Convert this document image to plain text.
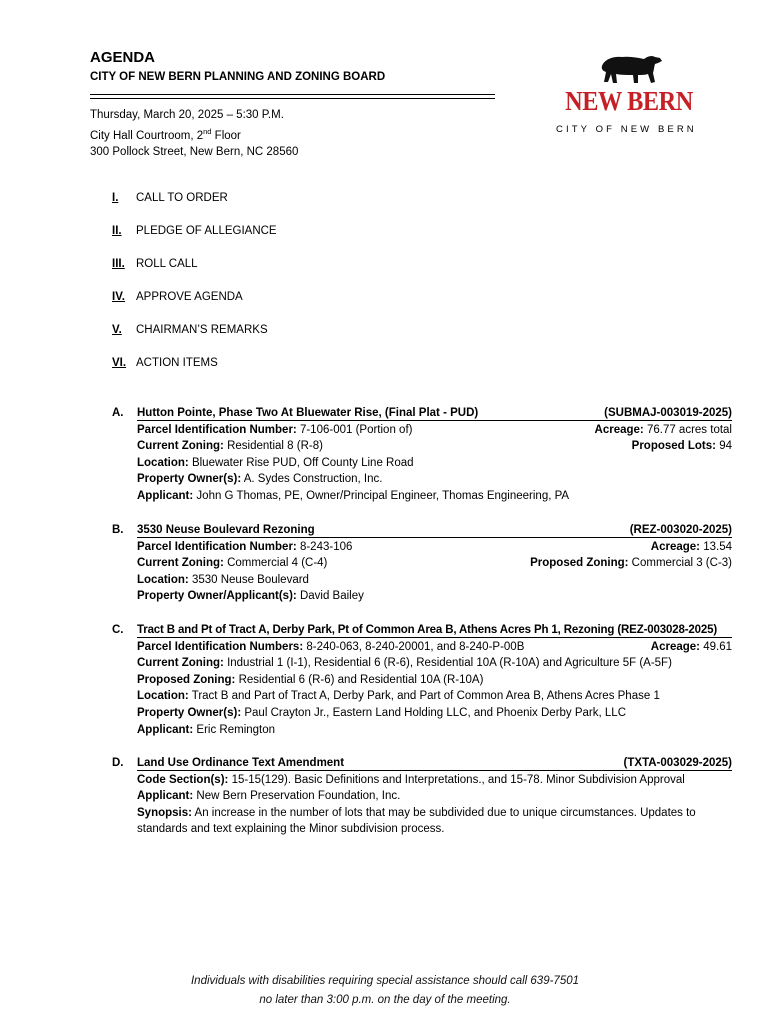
AGENDA
CITY OF NEW BERN PLANNING AND ZONING BOARD
Thursday, March 20, 2025 – 5:30 P.M.
City Hall Courtroom, 2nd Floor
300 Pollock Street, New Bern, NC 28560
NEW BERN
CITY OF NEW BERN
I. CALL TO ORDER
II. PLEDGE OF ALLEGIANCE
III. ROLL CALL
IV. APPROVE AGENDA
V. CHAIRMAN’S REMARKS
VI. ACTION ITEMS
A. Hutton Pointe, Phase Two At Bluewater Rise, (Final Plat - PUD)	(SUBMAJ-003019-2025)
Parcel Identification Number: 7-106-001 (Portion of)	Acreage: 76.77 acres total
Current Zoning: Residential 8 (R-8)	Proposed Lots: 94
Location: Bluewater Rise PUD, Off County Line Road
Property Owner(s): A. Sydes Construction, Inc.
Applicant: John G Thomas, PE, Owner/Principal Engineer, Thomas Engineering, PA
B. 3530 Neuse Boulevard Rezoning	(REZ-003020-2025)
Parcel Identification Number: 8-243-106	Acreage: 13.54
Current Zoning: Commercial 4 (C-4)	Proposed Zoning: Commercial 3 (C-3)
Location: 3530 Neuse Boulevard
Property Owner/Applicant(s): David Bailey
C. Tract B and Pt of Tract A, Derby Park, Pt of Common Area B, Athens Acres Ph 1, Rezoning (REZ-003028-2025)
Parcel Identification Numbers: 8-240-063, 8-240-20001, and 8-240-P-00B	Acreage: 49.61
Current Zoning: Industrial 1 (I-1), Residential 6 (R-6), Residential 10A (R-10A) and Agriculture 5F (A-5F)
Proposed Zoning: Residential 6 (R-6) and Residential 10A (R-10A)
Location: Tract B and Part of Tract A, Derby Park, and Part of Common Area B, Athens Acres Phase 1
Property Owner(s): Paul Crayton Jr., Eastern Land Holding LLC, and Phoenix Derby Park, LLC
Applicant: Eric Remington
D. Land Use Ordinance Text Amendment	(TXTA-003029-2025)
Code Section(s): 15-15(129). Basic Definitions and Interpretations., and 15-78. Minor Subdivision Approval
Applicant: New Bern Preservation Foundation, Inc.
Synopsis: An increase in the number of lots that may be subdivided due to unique circumstances. Updates to standards and text explaining the Minor subdivision process.
Individuals with disabilities requiring special assistance should call 639-7501
no later than 3:00 p.m. on the day of the meeting.
